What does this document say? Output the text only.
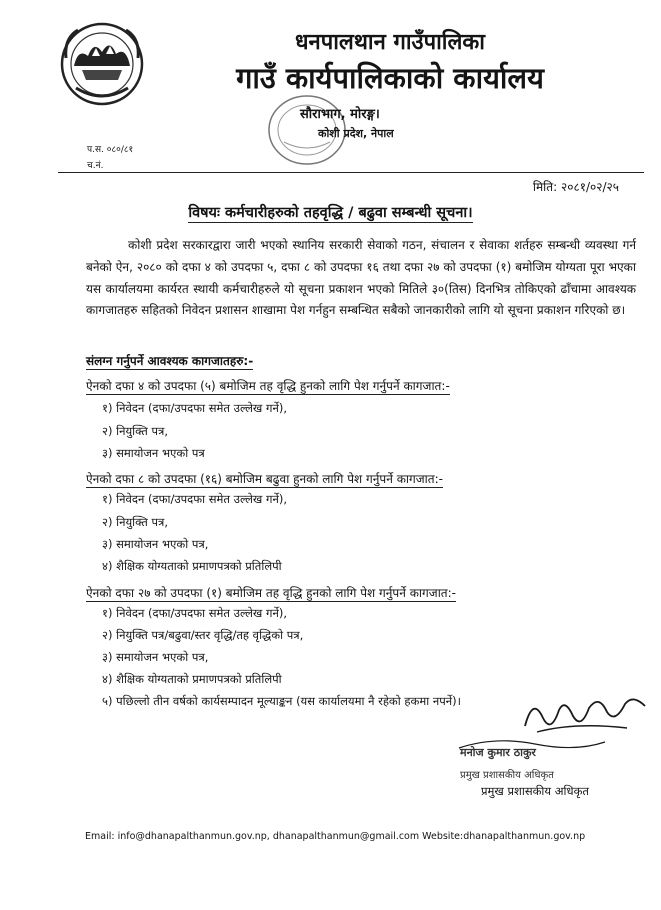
धनपालथान गाउँपालिका
गाउँ कार्यपालिकाको कार्यालय
सौराभाग, मोरङ्ग।
कोशी प्रदेश, नेपाल
प.स. ०८०/८१
च.नं.
मिति: २०८१/०२/२५
विषयः कर्मचारीहरुको तहवृद्धि / बढुवा सम्बन्धी सूचना।
कोशी प्रदेश सरकारद्वारा जारी भएको स्थानिय सरकारी सेवाको गठन, संचालन र सेवाका शर्तहरु सम्बन्धी व्यवस्था गर्न बनेको ऐन, २०८० को दफा ४ को उपदफा ५, दफा ८ को उपदफा १६ तथा दफा २७ को उपदफा (१) बमोजिम योग्यता पूरा भएका यस कार्यालयमा कार्यरत स्थायी कर्मचारीहरुले यो सूचना प्रकाशन भएको मितिले ३०(तिस) दिनभित्र तोकिएको ढाँचामा आवश्यक कागजातहरु सहितको निवेदन प्रशासन शाखामा पेश गर्नहुन सम्बन्धित सबैको जानकारीको लागि यो सूचना प्रकाशन गरिएको छ।
संलग्न गर्नुपर्ने आवश्यक कागजातहरु:-
ऐनको दफा ४ को उपदफा (५) बमोजिम तह वृद्धि हुनको लागि पेश गर्नुपर्ने कागजात:-
१) निवेदन (दफा/उपदफा समेत उल्लेख गर्ने),
२) नियुक्ति पत्र,
३) समायोजन भएको पत्र
ऐनको दफा ८ को उपदफा (१६) बमोजिम बढुवा हुनको लागि पेश गर्नुपर्ने कागजात:-
१) निवेदन (दफा/उपदफा समेत उल्लेख गर्ने),
२) नियुक्ति पत्र,
३) समायोजन भएको पत्र,
४) शैक्षिक योग्यताको प्रमाणपत्रको प्रतिलिपी
ऐनको दफा २७ को उपदफा (१) बमोजिम तह वृद्धि हुनको लागि पेश गर्नुपर्ने कागजात:-
१) निवेदन (दफा/उपदफा समेत उल्लेख गर्ने),
२) नियुक्ति पत्र/बढुवा/स्तर वृद्धि/तह वृद्धिको पत्र,
३) समायोजन भएको पत्र,
४) शैक्षिक योग्यताको प्रमाणपत्रको प्रतिलिपी
५) पछिल्लो तीन वर्षको कार्यसम्पादन मूल्याङ्कन (यस कार्यालयमा नै रहेको हकमा नपर्ने)।
मनोज कुमार ठाकुर
प्रमुख प्रशासकीय अधिकृत
प्रमुख प्रशासकीय अधिकृत
Email: info@dhanapalthanmun.gov.np, dhanapalthanmun@gmail.com Website:dhanapalthanmun.gov.np
